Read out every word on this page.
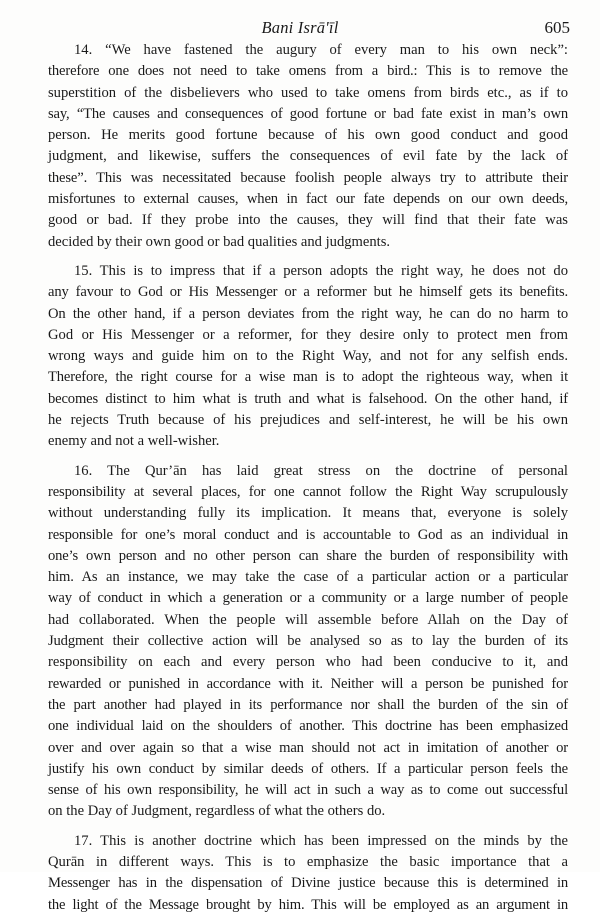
Bani Isrā'īl	605

14. “We have fastened the augury of every man to his own neck”:
therefore one does not need to take omens from a bird.: This is to remove the
superstition of the disbelievers who used to take omens from birds etc., as if to
say, “The causes and consequences of good fortune or bad fate exist in man’s own
person. He merits good fortune because of his own good conduct and good
judgment, and likewise, suffers the consequences of evil fate by the lack of
these”. This was necessitated because foolish people always try to attribute their
misfortunes to external causes, when in fact our fate depends on our own deeds,
good or bad. If they probe into the causes, they will find that their fate was
decided by their own good or bad qualities and judgments.

15. This is to impress that if a person adopts the right way, he does not do
any favour to God or His Messenger or a reformer but he himself gets its benefits.
On the other hand, if a person deviates from the right way, he can do no harm to
God or His Messenger or a reformer, for they desire only to protect men from
wrong ways and guide him on to the Right Way, and not for any selfish ends.
Therefore, the right course for a wise man is to adopt the righteous way, when it
becomes distinct to him what is truth and what is falsehood. On the other hand, if
he rejects Truth because of his prejudices and self-interest, he will be his own
enemy and not a well-wisher.

16. The Qur’ān has laid great stress on the doctrine of personal
responsibility at several places, for one cannot follow the Right Way scrupulously
without understanding fully its implication. It means that, everyone is solely
responsible for one’s moral conduct and is accountable to God as an individual in
one’s own person and no other person can share the burden of responsibility with
him. As an instance, we may take the case of a particular action or a particular
way of conduct in which a generation or a community or a large number of people
had collaborated. When the people will assemble before Allah on the Day of
Judgment their collective action will be analysed so as to lay the burden of its
responsibility on each and every person who had been conducive to it, and
rewarded or punished in accordance with it. Neither will a person be punished for
the part another had played in its performance nor shall the burden of the sin of
one individual laid on the shoulders of another. This doctrine has been emphasized
over and over again so that a wise man should not act in imitation of another or
justify his own conduct by similar deeds of others. If a particular person feels the
sense of his own responsibility, he will act in such a way as to come out successful
on the Day of Judgment, regardless of what the others do.

17. This is another doctrine which has been impressed on the minds by the
Qurān in different ways. This is to emphasize the basic importance that a
Messenger has in the dispensation of Divine justice because this is determined in
the light of the Message brought by him. This will be employed as an argument in
